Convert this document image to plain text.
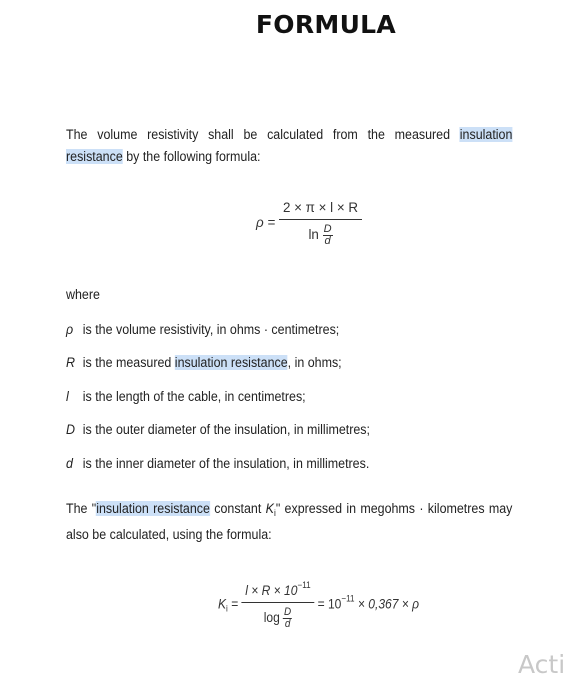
FORMULA
The volume resistivity shall be calculated from the measured insulation resistance by the following formula:
$\rho = \frac{2 \times \pi \times l \times R}{\ln \frac{D}{d}}$
where
ρ is the volume resistivity, in ohms · centimetres;
R is the measured insulation resistance, in ohms;
l is the length of the cable, in centimetres;
D is the outer diameter of the insulation, in millimetres;
d is the inner diameter of the insulation, in millimetres.
The "insulation resistance constant $K_i$" expressed in megohms · kilometres may also be calculated, using the formula:
$K_i = \frac{l \times R \times 10^{-11}}{\log \frac{D}{d}} = 10^{-11} \times 0,367 \times \rho$
Acti
